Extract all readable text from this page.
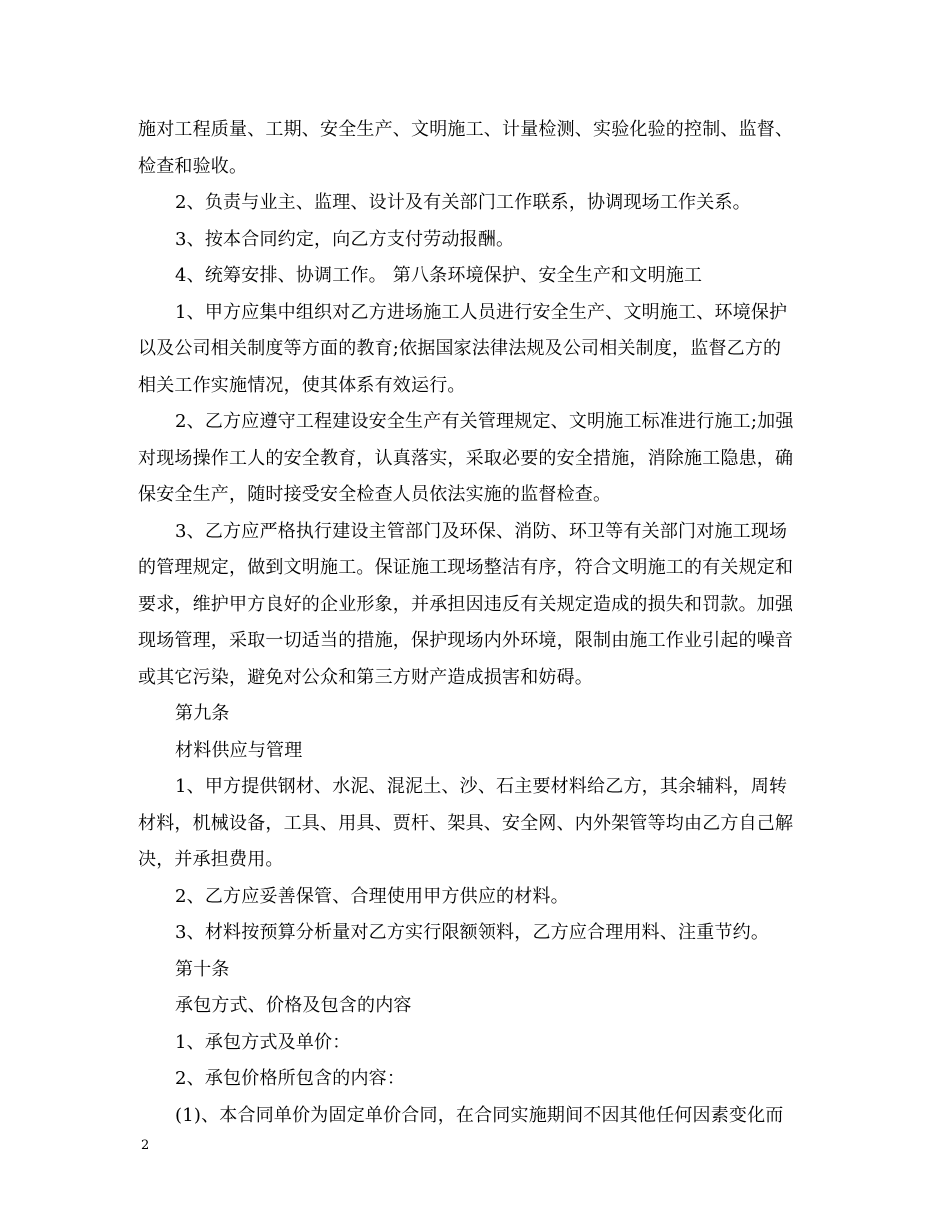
施对工程质量、工期、安全生产、文明施工、计量检测、实验化验的控制、监督、
检查和验收。
2、负责与业主、监理、设计及有关部门工作联系，协调现场工作关系。
3、按本合同约定，向乙方支付劳动报酬。
4、统筹安排、协调工作。 第八条环境保护、安全生产和文明施工
1、甲方应集中组织对乙方进场施工人员进行安全生产、文明施工、环境保护
以及公司相关制度等方面的教育;依据国家法律法规及公司相关制度，监督乙方的
相关工作实施情况，使其体系有效运行。
2、乙方应遵守工程建设安全生产有关管理规定、文明施工标准进行施工;加强
对现场操作工人的安全教育，认真落实，采取必要的安全措施，消除施工隐患，确
保安全生产，随时接受安全检查人员依法实施的监督检查。
3、乙方应严格执行建设主管部门及环保、消防、环卫等有关部门对施工现场
的管理规定，做到文明施工。保证施工现场整洁有序，符合文明施工的有关规定和
要求，维护甲方良好的企业形象，并承担因违反有关规定造成的损失和罚款。加强
现场管理，采取一切适当的措施，保护现场内外环境，限制由施工作业引起的噪音
或其它污染，避免对公众和第三方财产造成损害和妨碍。
第九条
材料供应与管理
1、甲方提供钢材、水泥、混泥土、沙、石主要材料给乙方，其余辅料，周转
材料，机械设备，工具、用具、贾杆、架具、安全网、内外架管等均由乙方自己解
决，并承担费用。
2、乙方应妥善保管、合理使用甲方供应的材料。
3、材料按预算分析量对乙方实行限额领料，乙方应合理用料、注重节约。
第十条
承包方式、价格及包含的内容
1、承包方式及单价：
2、承包价格所包含的内容：
(1)、本合同单价为固定单价合同，在合同实施期间不因其他任何因素变化而
2
